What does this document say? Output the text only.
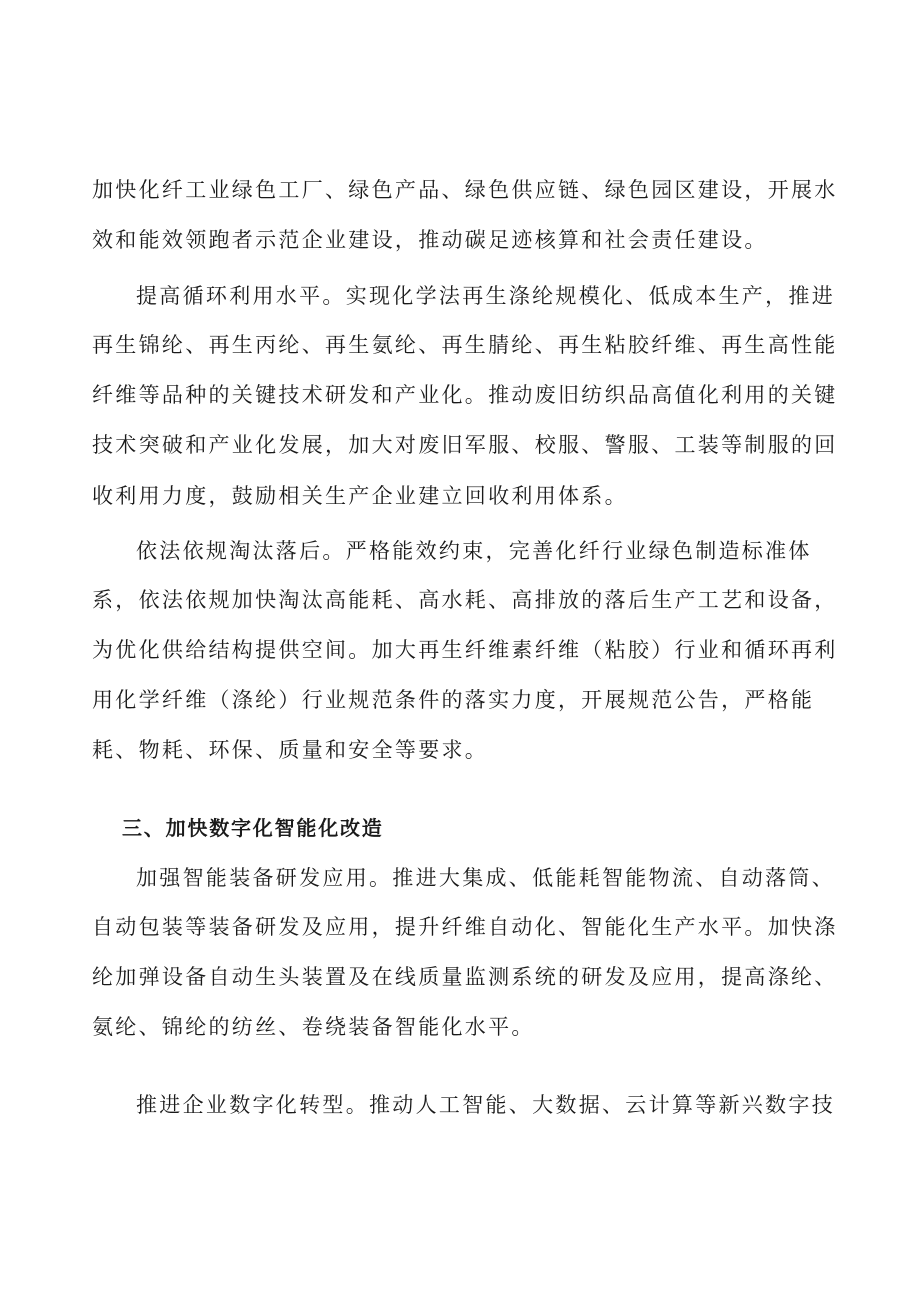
加快化纤工业绿色工厂、绿色产品、绿色供应链、绿色园区建设，开展水

效和能效领跑者示范企业建设，推动碳足迹核算和社会责任建设。

提高循环利用水平。实现化学法再生涤纶规模化、低成本生产，推进

再生锦纶、再生丙纶、再生氨纶、再生腈纶、再生粘胶纤维、再生高性能

纤维等品种的关键技术研发和产业化。推动废旧纺织品高值化利用的关键

技术突破和产业化发展，加大对废旧军服、校服、警服、工装等制服的回

收利用力度，鼓励相关生产企业建立回收利用体系。

依法依规淘汰落后。严格能效约束，完善化纤行业绿色制造标准体

系，依法依规加快淘汰高能耗、高水耗、高排放的落后生产工艺和设备，

为优化供给结构提供空间。加大再生纤维素纤维（粘胶）行业和循环再利

用化学纤维（涤纶）行业规范条件的落实力度，开展规范公告，严格能

耗、物耗、环保、质量和安全等要求。

三、加快数字化智能化改造

加强智能装备研发应用。推进大集成、低能耗智能物流、自动落筒、

自动包装等装备研发及应用，提升纤维自动化、智能化生产水平。加快涤

纶加弹设备自动生头装置及在线质量监测系统的研发及应用，提高涤纶、

氨纶、锦纶的纺丝、卷绕装备智能化水平。

推进企业数字化转型。推动人工智能、大数据、云计算等新兴数字技
